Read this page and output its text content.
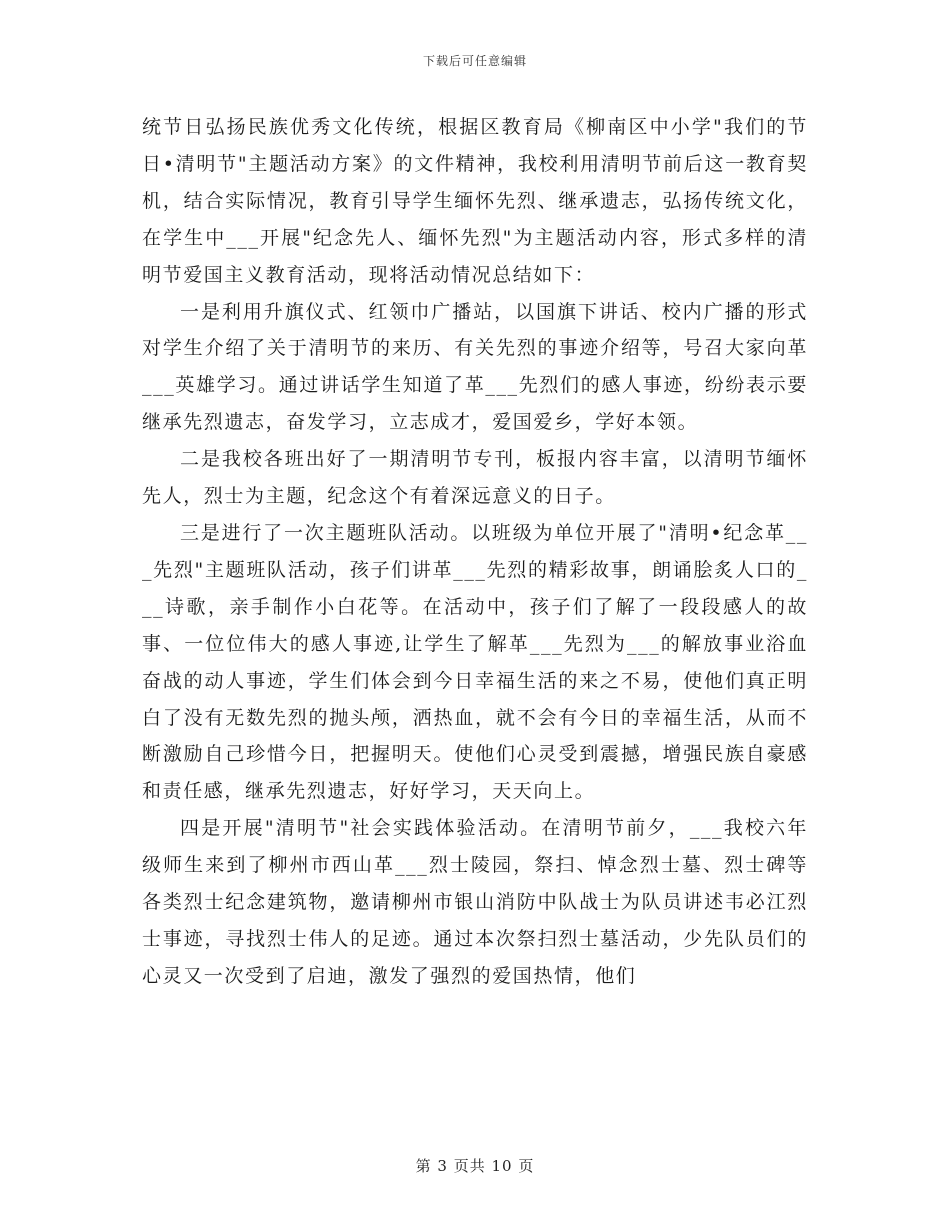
下载后可任意编辑

统节日弘扬民族优秀文化传统，根据区教育局《柳南区中小学"我们的节日•清明节"主题活动方案》的文件精神，我校利用清明节前后这一教育契机，结合实际情况，教育引导学生缅怀先烈、继承遗志，弘扬传统文化，在学生中___开展"纪念先人、缅怀先烈"为主题活动内容，形式多样的清明节爱国主义教育活动，现将活动情况总结如下：

一是利用升旗仪式、红领巾广播站，以国旗下讲话、校内广播的形式对学生介绍了关于清明节的来历、有关先烈的事迹介绍等，号召大家向革___英雄学习。通过讲话学生知道了革___先烈们的感人事迹，纷纷表示要继承先烈遗志，奋发学习，立志成才，爱国爱乡，学好本领。

二是我校各班出好了一期清明节专刊，板报内容丰富，以清明节缅怀先人，烈士为主题，纪念这个有着深远意义的日子。

三是进行了一次主题班队活动。以班级为单位开展了"清明•纪念革___先烈"主题班队活动，孩子们讲革___先烈的精彩故事，朗诵脍炙人口的___诗歌，亲手制作小白花等。在活动中，孩子们了解了一段段感人的故事、一位位伟大的感人事迹,让学生了解革___先烈为___的解放事业浴血奋战的动人事迹，学生们体会到今日幸福生活的来之不易，使他们真正明白了没有无数先烈的抛头颅，洒热血，就不会有今日的幸福生活，从而不断激励自己珍惜今日，把握明天。使他们心灵受到震撼，增强民族自豪感和责任感，继承先烈遗志，好好学习，天天向上。

四是开展"清明节"社会实践体验活动。在清明节前夕，___我校六年级师生来到了柳州市西山革___烈士陵园，祭扫、悼念烈士墓、烈士碑等各类烈士纪念建筑物，邀请柳州市银山消防中队战士为队员讲述韦必江烈士事迹，寻找烈士伟人的足迹。通过本次祭扫烈士墓活动，少先队员们的心灵又一次受到了启迪，激发了强烈的爱国热情，他们

第 3 页共 10 页
